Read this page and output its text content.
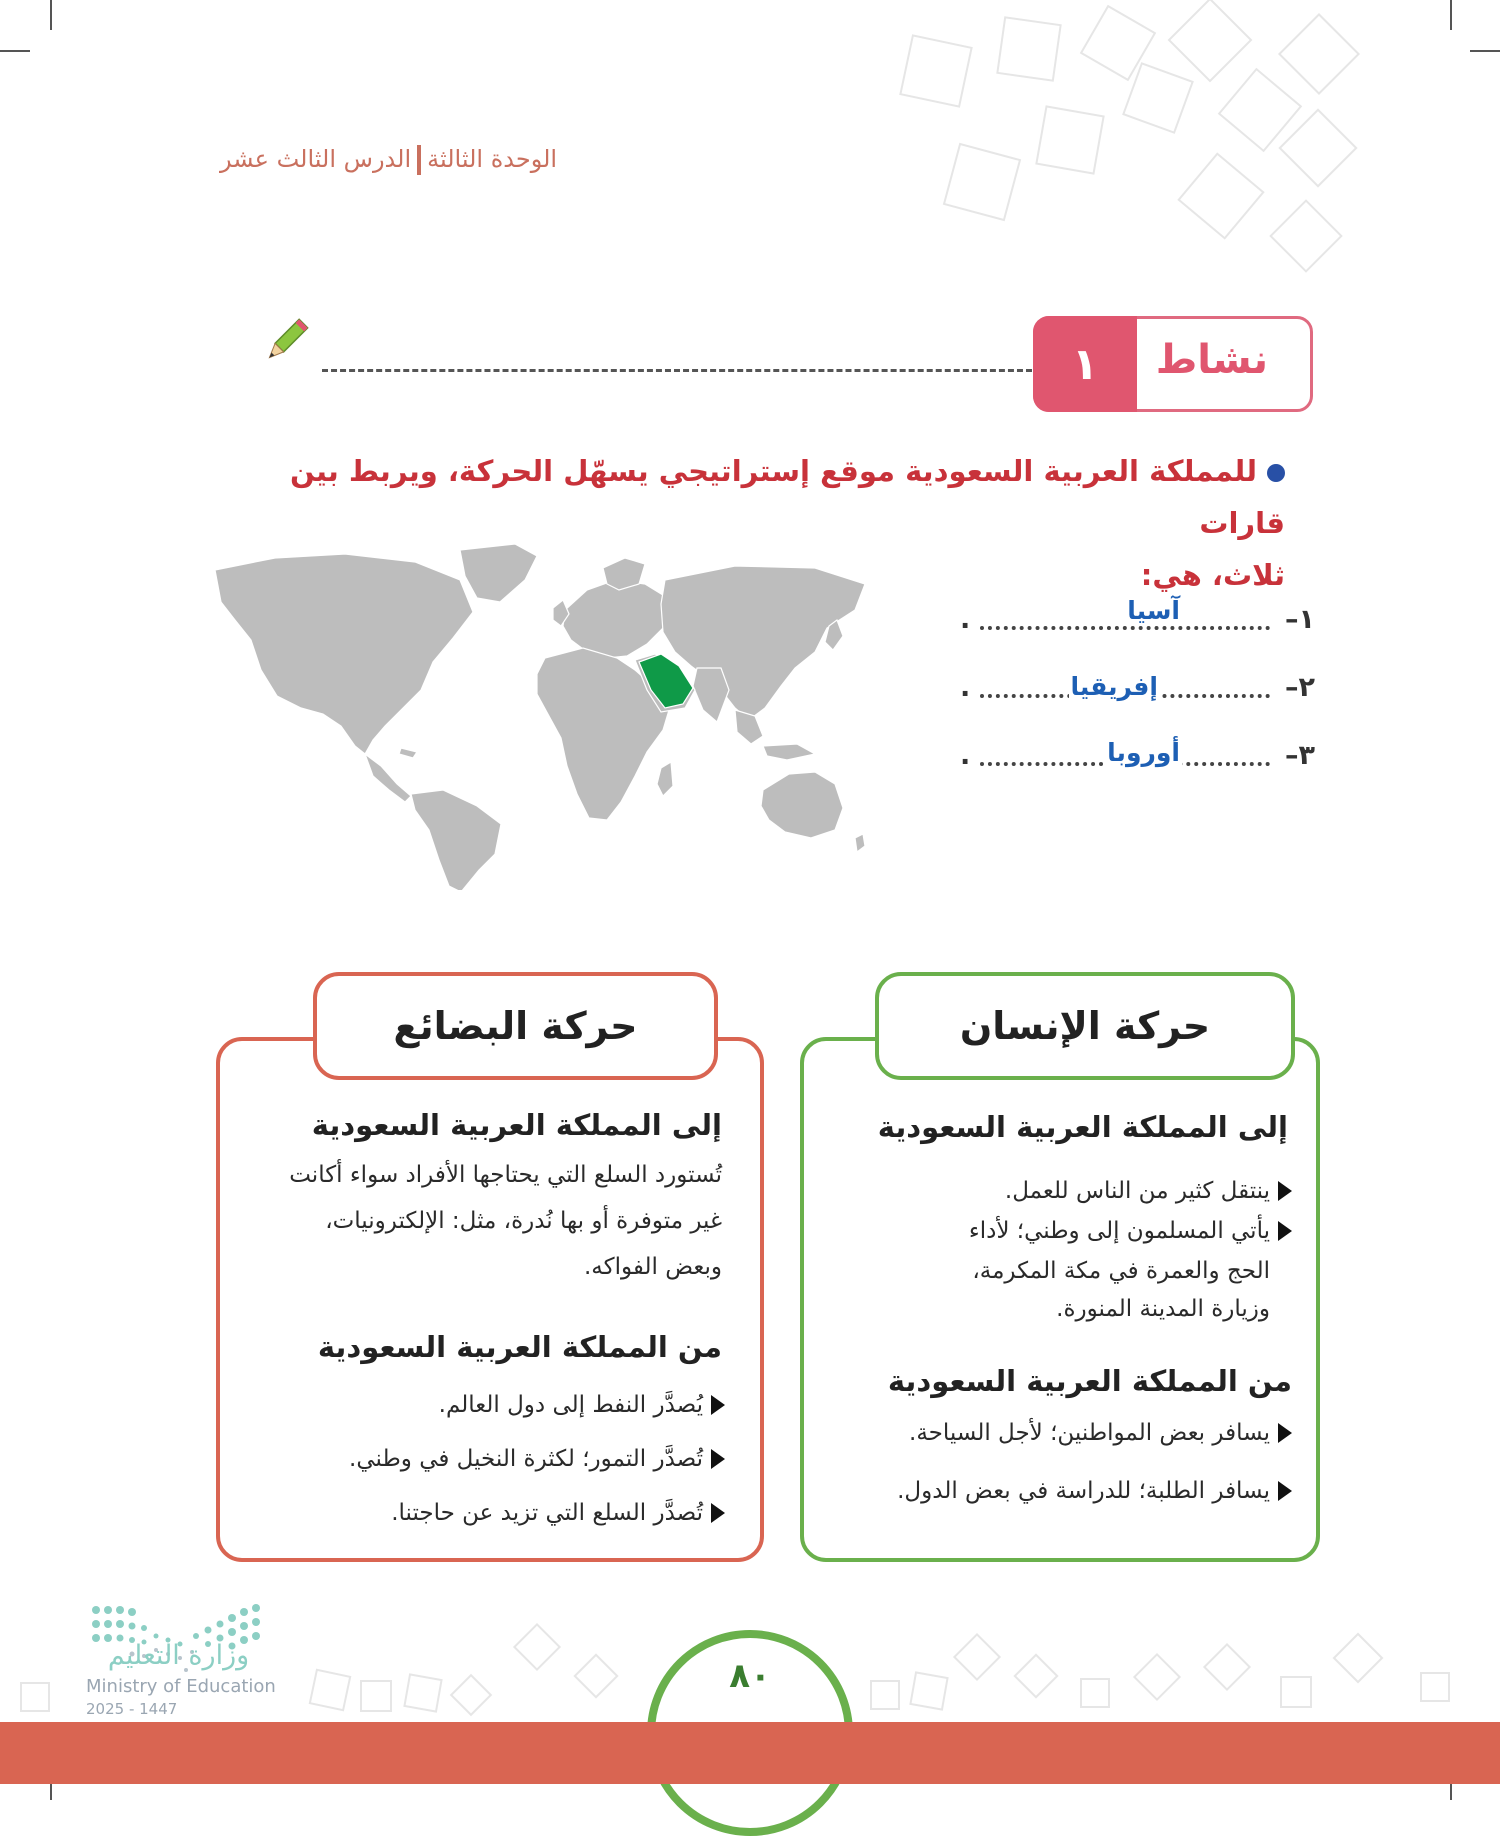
الوحدة الثالثةالدرس الثالث عشر
١	نشاط
للمملكة العربية السعودية موقع إستراتيجي يسهّل الحركة، ويربط بين قارات
ثلاث، هي:
١–
آسيا
.
٢–
إفريقيا
.
٣–
أوروبا
.
حركة البضائع
إلى المملكة العربية السعودية
تُستورد السلع التي يحتاجها الأفراد سواء أكانت
غير متوفرة أو بها نُدرة، مثل: الإلكترونيات،
وبعض الفواكه.
من المملكة العربية السعودية
يُصدَّر النفط إلى دول العالم.
تُصدَّر التمور؛ لكثرة النخيل في وطني.
تُصدَّر السلع التي تزيد عن حاجتنا.
حركة الإنسان
إلى المملكة العربية السعودية
ينتقل كثير من الناس للعمل.
يأتي المسلمون إلى وطني؛ لأداء
الحج والعمرة في مكة المكرمة،
وزيارة المدينة المنورة.
من المملكة العربية السعودية
يسافر بعض المواطنين؛ لأجل السياحة.
يسافر الطلبة؛ للدراسة في بعض الدول.
٨٠
وزارة التعليم
Ministry of Education
2025 - 1447
